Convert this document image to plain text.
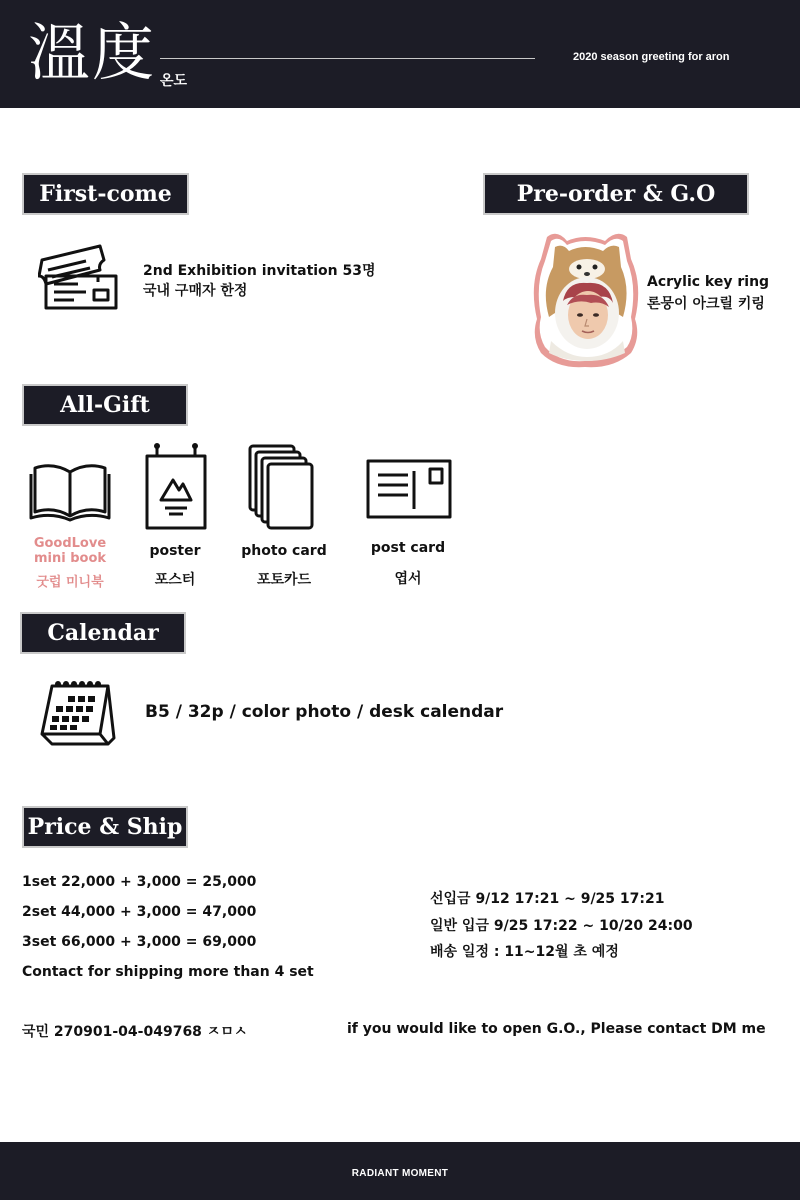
溫度 온도
2020 season greeting for aron
First-come
2nd Exhibition invitation 53명
국내 구매자 한정
Pre-order & G.O
Acrylic key ring
론뭉이 아크릴 키링
All-Gift
GoodLove
mini book
굿럽 미니북
poster
포스터
photo card
포토카드
post card
엽서
Calendar
B5 / 32p / color photo / desk calendar
Price & Ship
1set 22,000 + 3,000 = 25,000
2set 44,000 + 3,000 = 47,000
3set 66,000 + 3,000 = 69,000
Contact for shipping more than 4 set
선입금 9/12 17:21 ~ 9/25 17:21
일반 입금 9/25 17:22 ~ 10/20 24:00
배송 일정 : 11~12월 초 예정
국민 270901-04-049768 ㅈㅁㅅ	if you would like to open G.O., Please contact DM me
RADIANT MOMENT
